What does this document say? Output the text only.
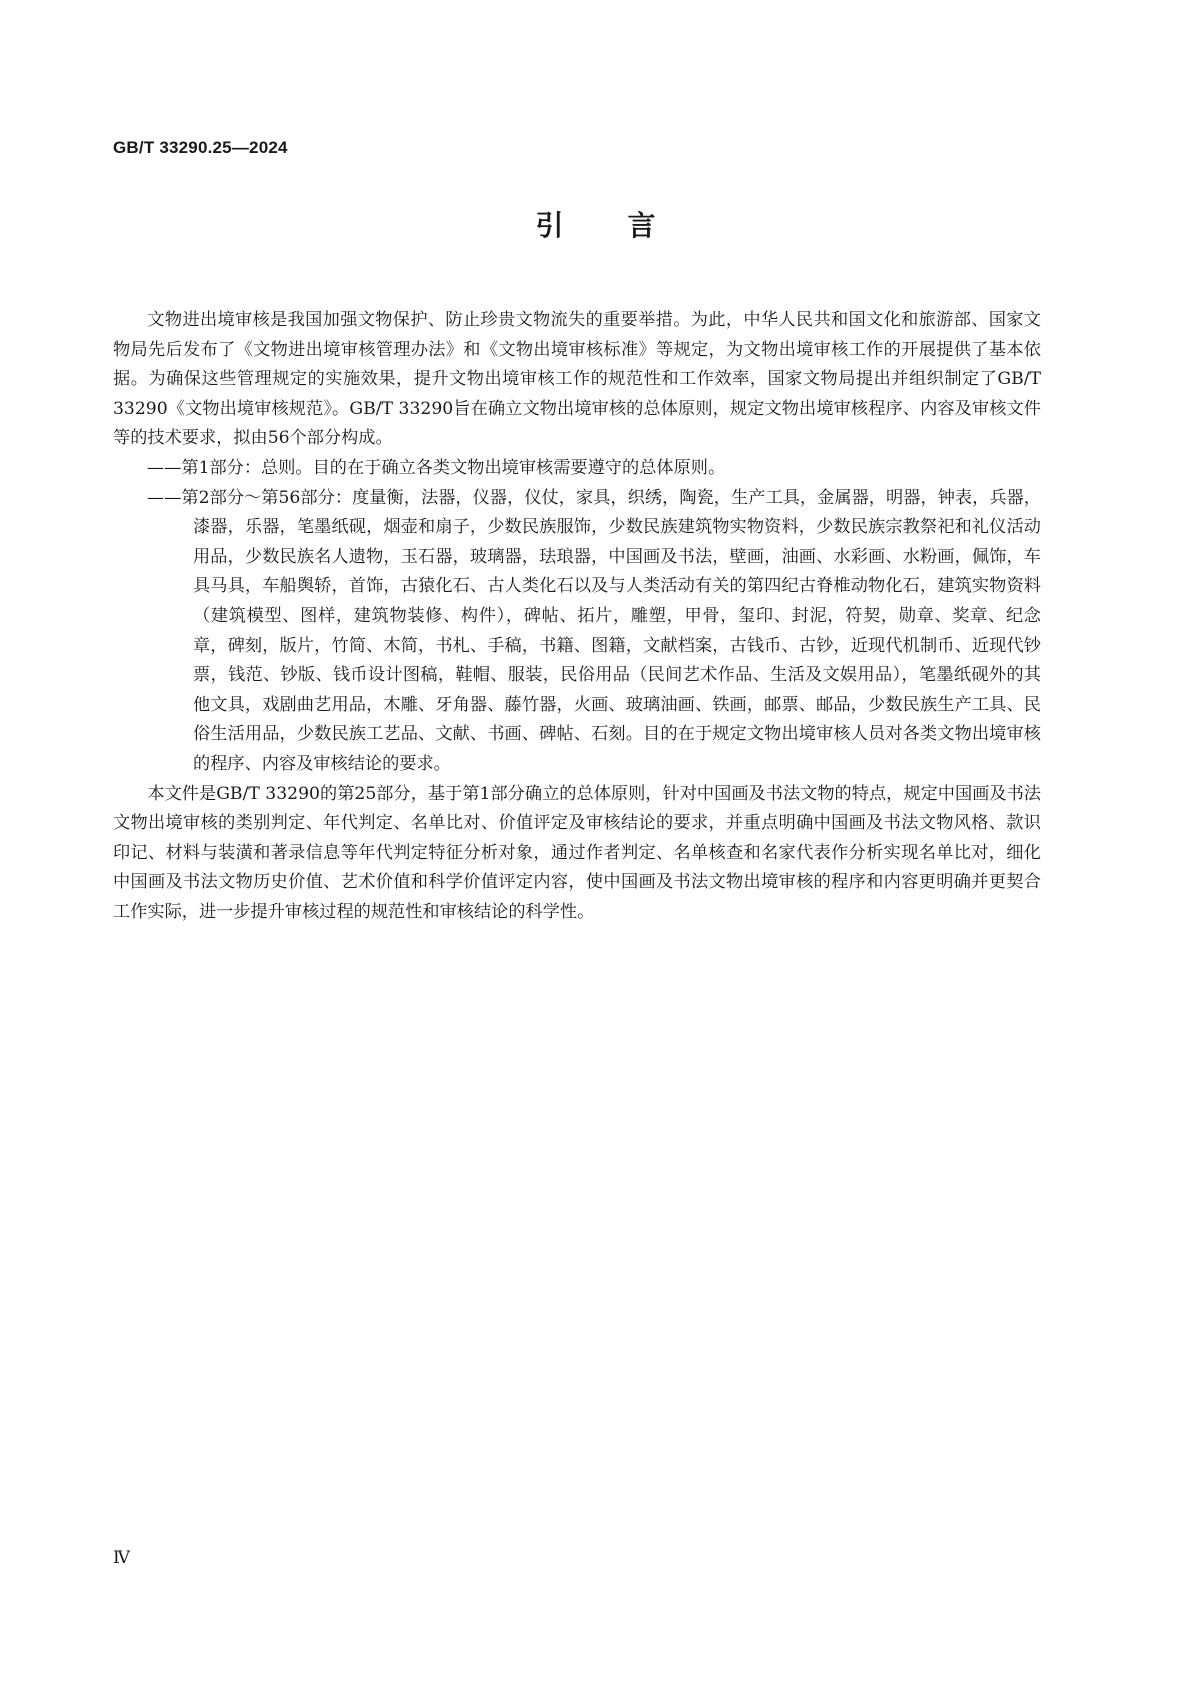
GB/T 33290.25—2024
引 言

文物进出境审核是我国加强文物保护、防止珍贵文物流失的重要举措。为此，中华人民共和国文化和旅游部、国家文物局先后发布了《文物进出境审核管理办法》和《文物出境审核标准》等规定，为文物出境审核工作的开展提供了基本依据。为确保这些管理规定的实施效果，提升文物出境审核工作的规范性和工作效率，国家文物局提出并组织制定了GB/T 33290《文物出境审核规范》。GB/T 33290旨在确立文物出境审核的总体原则，规定文物出境审核程序、内容及审核文件等的技术要求，拟由56个部分构成。

——第1部分：总则。目的在于确立各类文物出境审核需要遵守的总体原则。

——第2部分～第56部分：度量衡，法器，仪器，仪仗，家具，织绣，陶瓷，生产工具，金属器，明器，钟表，兵器，漆器，乐器，笔墨纸砚，烟壶和扇子，少数民族服饰，少数民族建筑物实物资料，少数民族宗教祭祀和礼仪活动用品，少数民族名人遗物，玉石器，玻璃器，珐琅器，中国画及书法，壁画，油画、水彩画、水粉画，佩饰，车具马具，车船舆轿，首饰，古猿化石、古人类化石以及与人类活动有关的第四纪古脊椎动物化石，建筑实物资料（建筑模型、图样，建筑物装修、构件），碑帖、拓片，雕塑，甲骨，玺印、封泥，符契，勋章、奖章、纪念章，碑刻，版片，竹简、木简，书札、手稿，书籍、图籍，文献档案，古钱币、古钞，近现代机制币、近现代钞票，钱范、钞版、钱币设计图稿，鞋帽、服装，民俗用品（民间艺术作品、生活及文娱用品），笔墨纸砚外的其他文具，戏剧曲艺用品，木雕、牙角器、藤竹器，火画、玻璃油画、铁画，邮票、邮品，少数民族生产工具、民俗生活用品，少数民族工艺品、文献、书画、碑帖、石刻。目的在于规定文物出境审核人员对各类文物出境审核的程序、内容及审核结论的要求。

本文件是GB/T 33290的第25部分，基于第1部分确立的总体原则，针对中国画及书法文物的特点，规定中国画及书法文物出境审核的类别判定、年代判定、名单比对、价值评定及审核结论的要求，并重点明确中国画及书法文物风格、款识印记、材料与装潢和著录信息等年代判定特征分析对象，通过作者判定、名单核查和名家代表作分析实现名单比对，细化中国画及书法文物历史价值、艺术价值和科学价值评定内容，使中国画及书法文物出境审核的程序和内容更明确并更契合工作实际，进一步提升审核过程的规范性和审核结论的科学性。

Ⅳ
